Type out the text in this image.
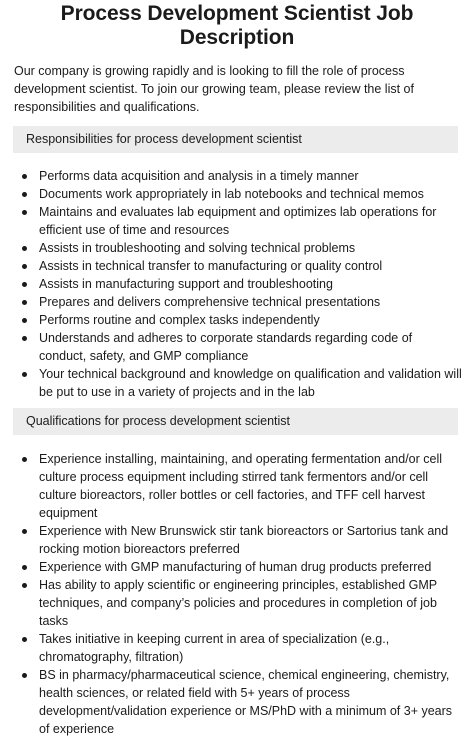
Process Development Scientist Job Description

Our company is growing rapidly and is looking to fill the role of process development scientist. To join our growing team, please review the list of responsibilities and qualifications.

Responsibilities for process development scientist
Performs data acquisition and analysis in a timely manner
Documents work appropriately in lab notebooks and technical memos
Maintains and evaluates lab equipment and optimizes lab operations for efficient use of time and resources
Assists in troubleshooting and solving technical problems
Assists in technical transfer to manufacturing or quality control
Assists in manufacturing support and troubleshooting
Prepares and delivers comprehensive technical presentations
Performs routine and complex tasks independently
Understands and adheres to corporate standards regarding code of conduct, safety, and GMP compliance
Your technical background and knowledge on qualification and validation will be put to use in a variety of projects and in the lab
Qualifications for process development scientist
Experience installing, maintaining, and operating fermentation and/or cell culture process equipment including stirred tank fermentors and/or cell culture bioreactors, roller bottles or cell factories, and TFF cell harvest equipment
Experience with New Brunswick stir tank bioreactors or Sartorius tank and rocking motion bioreactors preferred
Experience with GMP manufacturing of human drug products preferred
Has ability to apply scientific or engineering principles, established GMP techniques, and company’s policies and procedures in completion of job tasks
Takes initiative in keeping current in area of specialization (e.g., chromatography, filtration)
BS in pharmacy/pharmaceutical science, chemical engineering, chemistry, health sciences, or related field with 5+ years of process development/validation experience or MS/PhD with a minimum of 3+ years of experience
